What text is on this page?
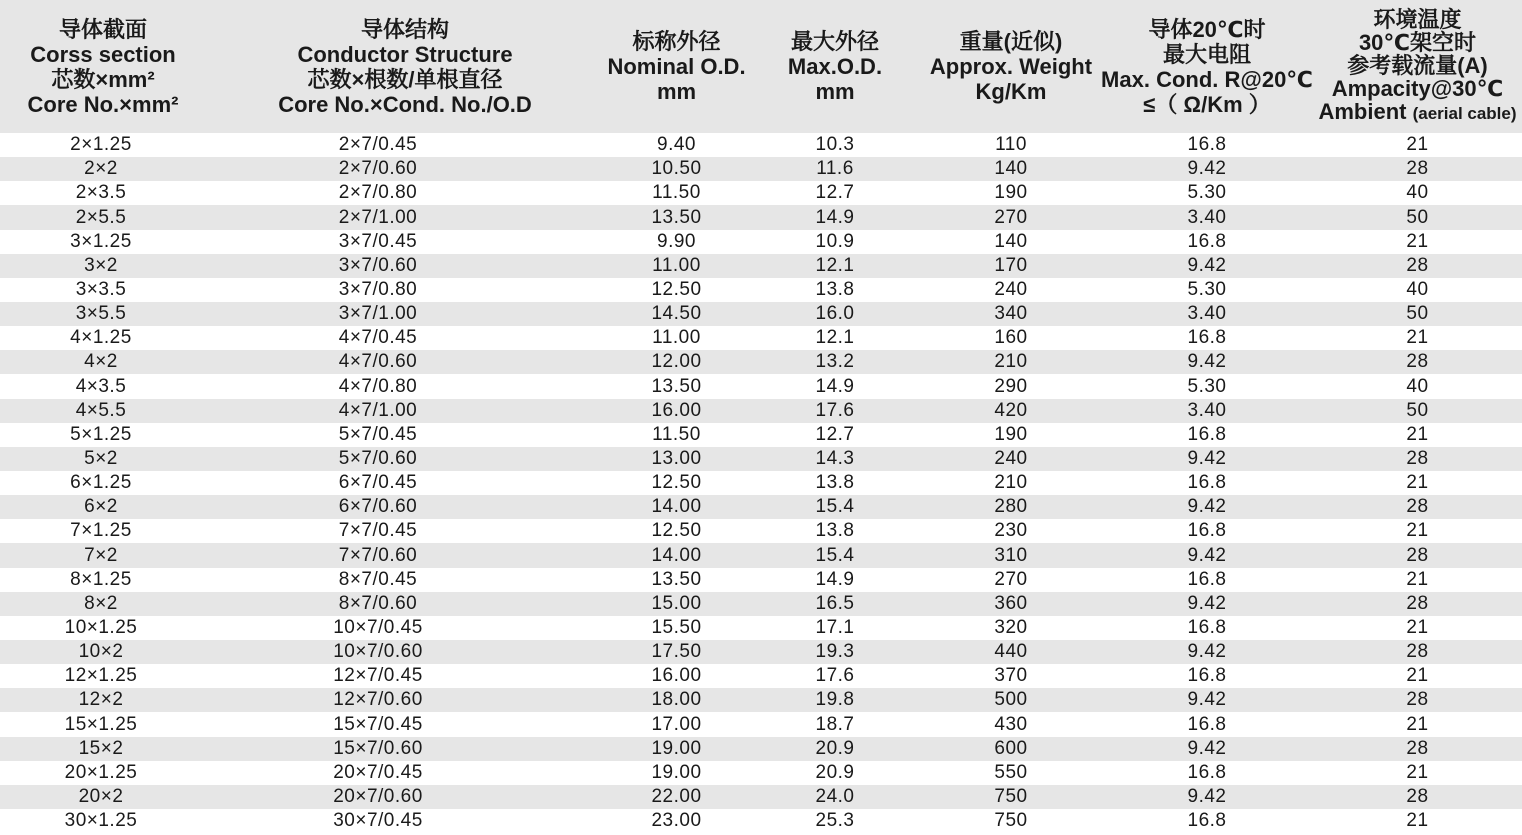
导体截面
Corss section
芯数×mm²
Core No.×mm²	导体结构
Conductor Structure
芯数×根数/单根直径
Core No.×Cond. No./O.D	标称外径
Nominal O.D.
mm	最大外径
Max.O.D.
mm	重量(近似)
Approx. Weight
Kg/Km	导体20℃时
最大电阻
Max. Cond. R@20℃
≤（ Ω/Km ）	环境温度
30℃架空时
参考载流量(A)
Ampacity@30℃
Ambient (aerial cable)

2×1.25	2×7/0.45	9.40	10.3	110	16.8	21
2×2	2×7/0.60	10.50	11.6	140	9.42	28
2×3.5	2×7/0.80	11.50	12.7	190	5.30	40
2×5.5	2×7/1.00	13.50	14.9	270	3.40	50
3×1.25	3×7/0.45	9.90	10.9	140	16.8	21
3×2	3×7/0.60	11.00	12.1	170	9.42	28
3×3.5	3×7/0.80	12.50	13.8	240	5.30	40
3×5.5	3×7/1.00	14.50	16.0	340	3.40	50
4×1.25	4×7/0.45	11.00	12.1	160	16.8	21
4×2	4×7/0.60	12.00	13.2	210	9.42	28
4×3.5	4×7/0.80	13.50	14.9	290	5.30	40
4×5.5	4×7/1.00	16.00	17.6	420	3.40	50
5×1.25	5×7/0.45	11.50	12.7	190	16.8	21
5×2	5×7/0.60	13.00	14.3	240	9.42	28
6×1.25	6×7/0.45	12.50	13.8	210	16.8	21
6×2	6×7/0.60	14.00	15.4	280	9.42	28
7×1.25	7×7/0.45	12.50	13.8	230	16.8	21
7×2	7×7/0.60	14.00	15.4	310	9.42	28
8×1.25	8×7/0.45	13.50	14.9	270	16.8	21
8×2	8×7/0.60	15.00	16.5	360	9.42	28
10×1.25	10×7/0.45	15.50	17.1	320	16.8	21
10×2	10×7/0.60	17.50	19.3	440	9.42	28
12×1.25	12×7/0.45	16.00	17.6	370	16.8	21
12×2	12×7/0.60	18.00	19.8	500	9.42	28
15×1.25	15×7/0.45	17.00	18.7	430	16.8	21
15×2	15×7/0.60	19.00	20.9	600	9.42	28
20×1.25	20×7/0.45	19.00	20.9	550	16.8	21
20×2	20×7/0.60	22.00	24.0	750	9.42	28
30×1.25	30×7/0.45	23.00	25.3	750	16.8	21
